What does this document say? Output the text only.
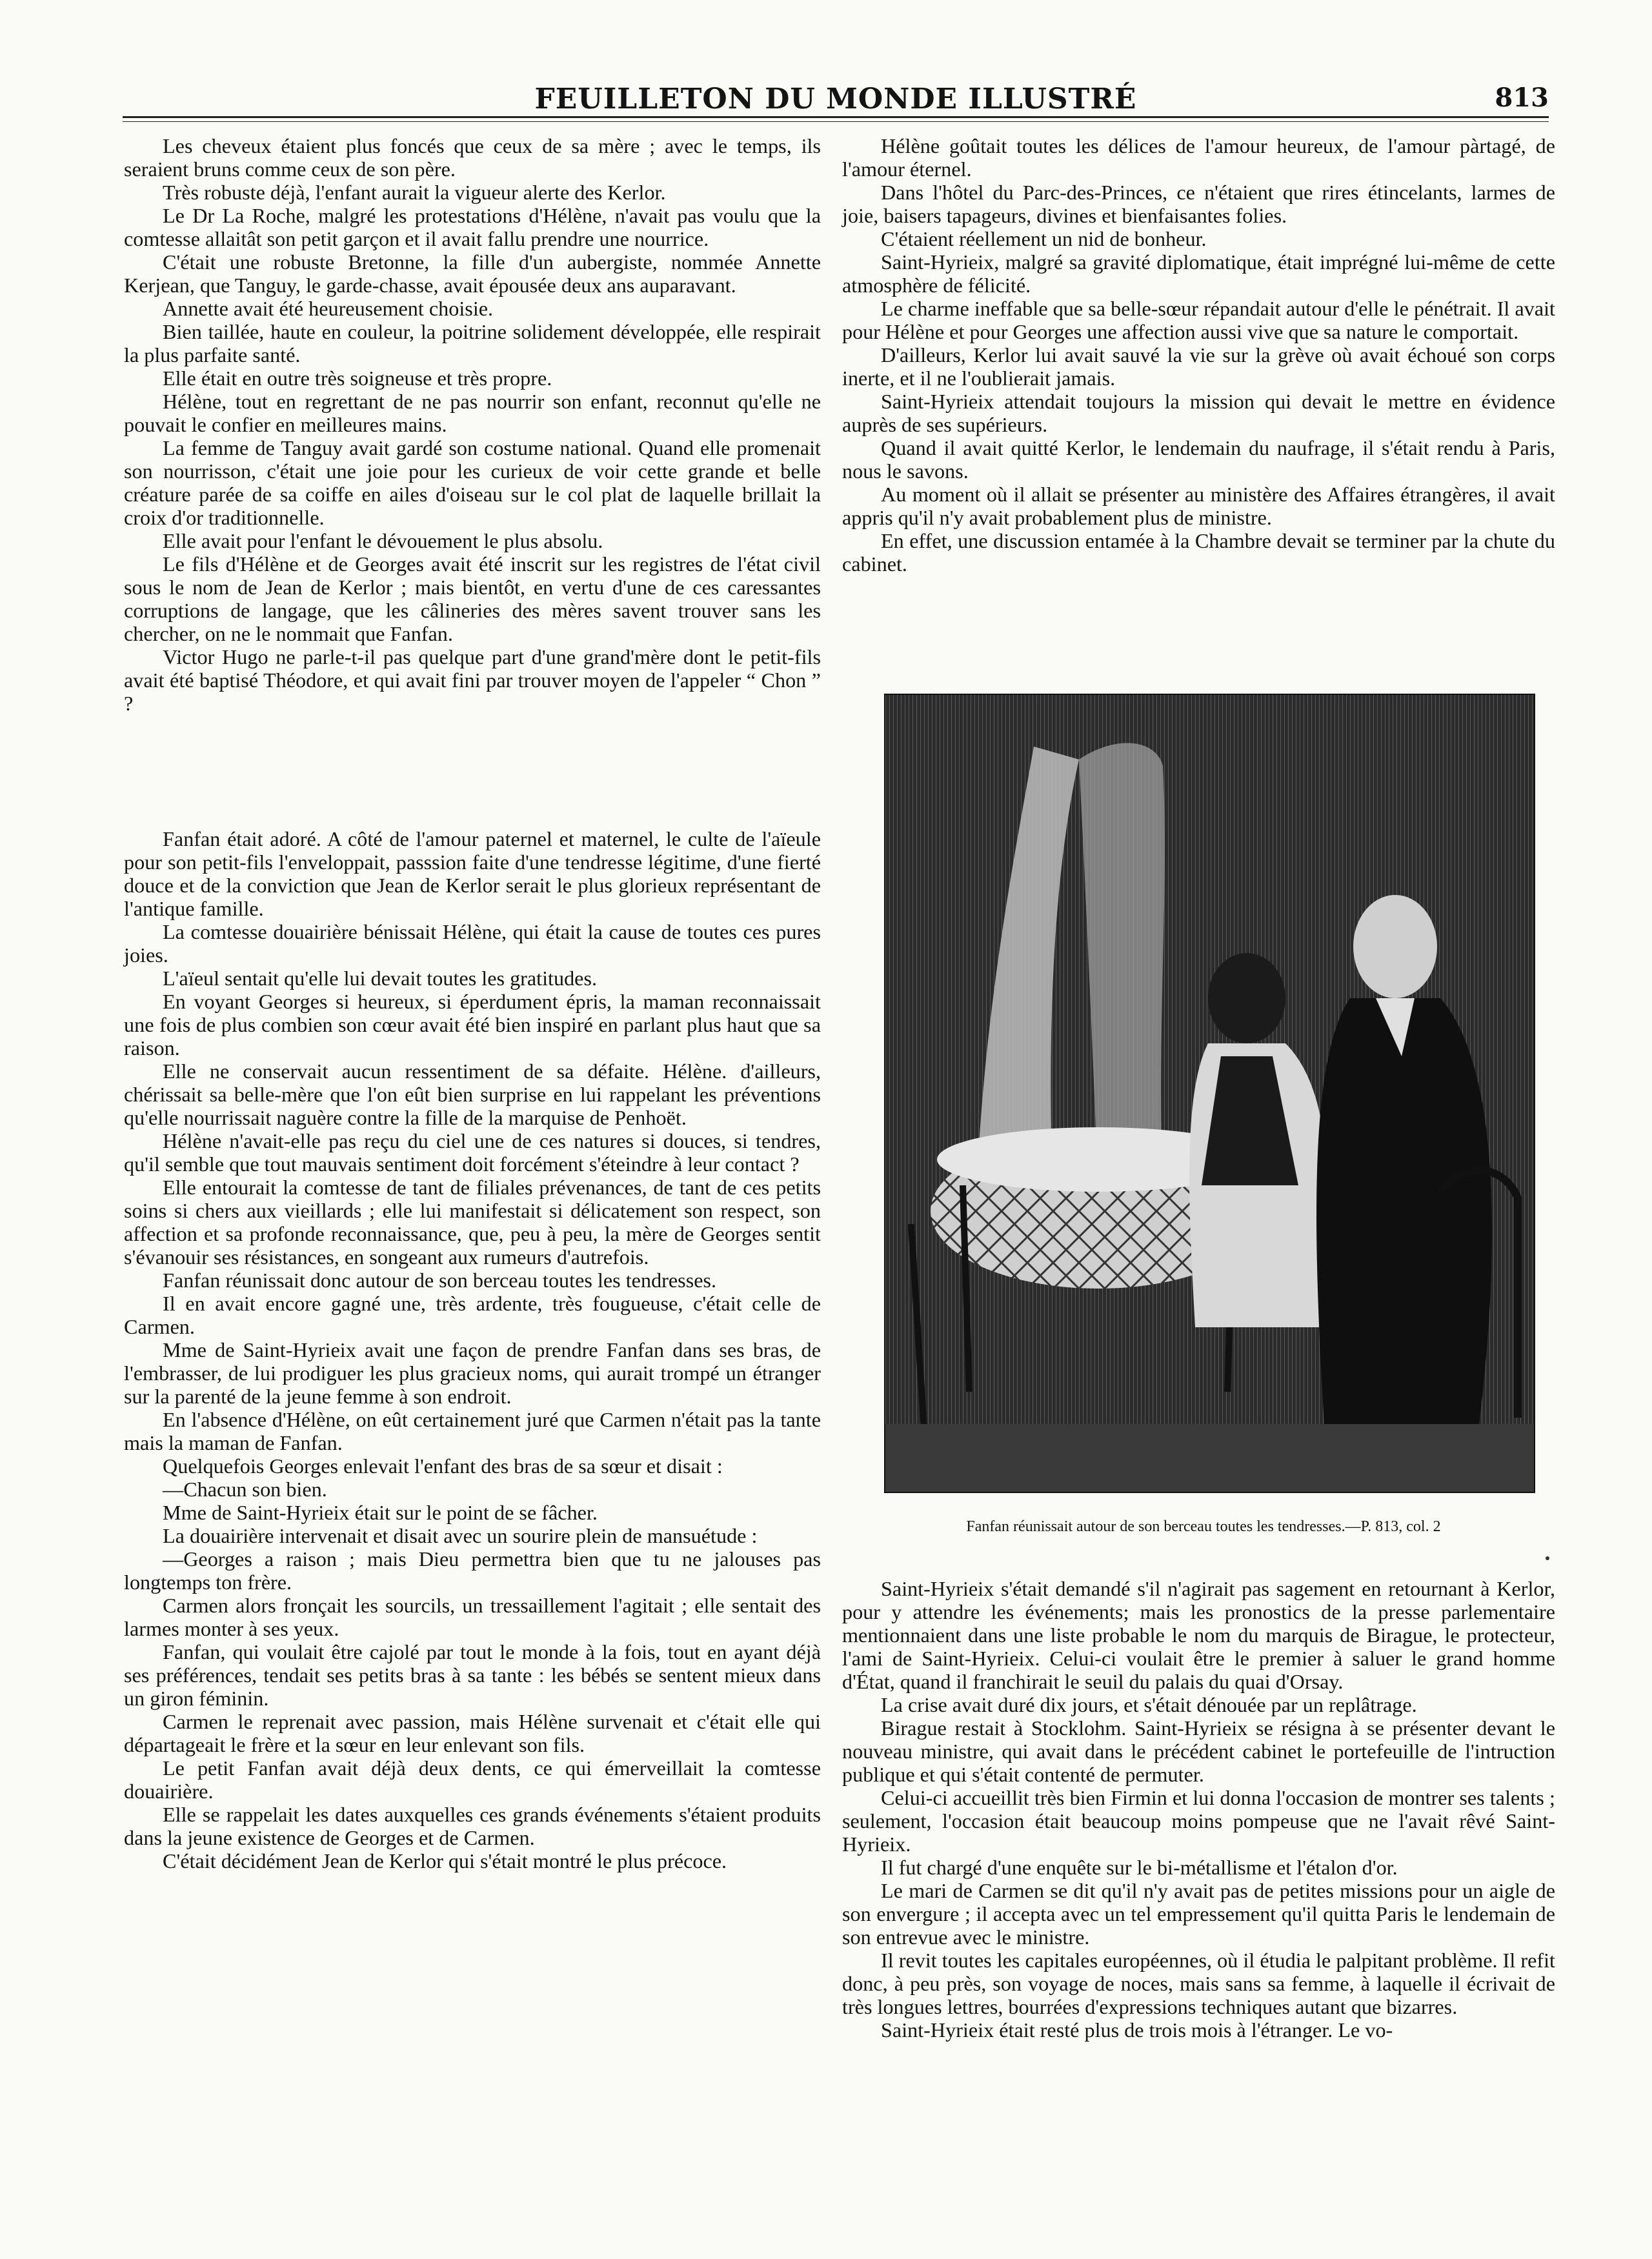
FEUILLETON DU MONDE ILLUSTRÉ	813

Les cheveux étaient plus foncés que ceux de sa mère ; avec le temps, ils seraient bruns comme ceux de son père.

Très robuste déjà, l'enfant aurait la vigueur alerte des Kerlor.

Le Dr La Roche, malgré les protestations d'Hélène, n'avait pas voulu que la comtesse allaitât son petit garçon et il avait fallu prendre une nourrice.

C'était une robuste Bretonne, la fille d'un aubergiste, nommée Annette Kerjean, que Tanguy, le garde-chasse, avait épousée deux ans auparavant.

Annette avait été heureusement choisie.

Bien taillée, haute en couleur, la poitrine solidement développée, elle respirait la plus parfaite santé.

Elle était en outre très soigneuse et très propre.

Hélène, tout en regrettant de ne pas nourrir son enfant, reconnut qu'elle ne pouvait le confier en meilleures mains.

La femme de Tanguy avait gardé son costume national. Quand elle promenait son nourrisson, c'était une joie pour les curieux de voir cette grande et belle créature parée de sa coiffe en ailes d'oiseau sur le col plat de laquelle brillait la croix d'or traditionnelle.

Elle avait pour l'enfant le dévouement le plus absolu.

Le fils d'Hélène et de Georges avait été inscrit sur les registres de l'état civil sous le nom de Jean de Kerlor ; mais bientôt, en vertu d'une de ces caressantes corruptions de langage, que les câlineries des mères savent trouver sans les chercher, on ne le nommait que Fanfan.

Victor Hugo ne parle-t-il pas quelque part d'une grand'mère dont le petit-fils avait été baptisé Théodore, et qui avait fini par trouver moyen de l'appeler “ Chon ” ?

Fanfan était adoré. A côté de l'amour paternel et maternel, le culte de l'aïeule pour son petit-fils l'enveloppait, passsion faite d'une tendresse légitime, d'une fierté douce et de la conviction que Jean de Kerlor serait le plus glorieux représentant de l'antique famille.

La comtesse douairière bénissait Hélène, qui était la cause de toutes ces pures joies.

L'aïeul sentait qu'elle lui devait toutes les gratitudes.

En voyant Georges si heureux, si éperdument épris, la maman reconnaissait une fois de plus combien son cœur avait été bien inspiré en parlant plus haut que sa raison.

Elle ne conservait aucun ressentiment de sa défaite. Hélène. d'ailleurs, chérissait sa belle-mère que l'on eût bien surprise en lui rappelant les préventions qu'elle nourrissait naguère contre la fille de la marquise de Penhoët.

Hélène n'avait-elle pas reçu du ciel une de ces natures si douces, si tendres, qu'il semble que tout mauvais sentiment doit forcément s'éteindre à leur contact ?

Elle entourait la comtesse de tant de filiales prévenances, de tant de ces petits soins si chers aux vieillards ; elle lui manifestait si délicatement son respect, son affection et sa profonde reconnaissance, que, peu à peu, la mère de Georges sentit s'évanouir ses résistances, en songeant aux rumeurs d'autrefois.

Fanfan réunissait donc autour de son berceau toutes les tendresses.

Il en avait encore gagné une, très ardente, très fougueuse, c'était celle de Carmen.

Mme de Saint-Hyrieix avait une façon de prendre Fanfan dans ses bras, de l'embrasser, de lui prodiguer les plus gracieux noms, qui aurait trompé un étranger sur la parenté de la jeune femme à son endroit.

En l'absence d'Hélène, on eût certainement juré que Carmen n'était pas la tante mais la maman de Fanfan.

Quelquefois Georges enlevait l'enfant des bras de sa sœur et disait :

—Chacun son bien.

Mme de Saint-Hyrieix était sur le point de se fâcher.

La douairière intervenait et disait avec un sourire plein de mansuétude :

—Georges a raison ; mais Dieu permettra bien que tu ne jalouses pas longtemps ton frère.

Carmen alors fronçait les sourcils, un tressaillement l'agitait ; elle sentait des larmes monter à ses yeux.

Fanfan, qui voulait être cajolé par tout le monde à la fois, tout en ayant déjà ses préférences, tendait ses petits bras à sa tante : les bébés se sentent mieux dans un giron féminin.

Carmen le reprenait avec passion, mais Hélène survenait et c'était elle qui départageait le frère et la sœur en leur enlevant son fils.

Le petit Fanfan avait déjà deux dents, ce qui émerveillait la comtesse douairière.

Elle se rappelait les dates auxquelles ces grands événements s'étaient produits dans la jeune existence de Georges et de Carmen.

C'était décidément Jean de Kerlor qui s'était montré le plus précoce.

Hélène goûtait toutes les délices de l'amour heureux, de l'amour pàrtagé, de l'amour éternel.

Dans l'hôtel du Parc-des-Princes, ce n'étaient que rires étincelants, larmes de joie, baisers tapageurs, divines et bienfaisantes folies.

C'étaient réellement un nid de bonheur.

Saint-Hyrieix, malgré sa gravité diplomatique, était imprégné lui-même de cette atmosphère de félicité.

Le charme ineffable que sa belle-sœur répandait autour d'elle le pénétrait. Il avait pour Hélène et pour Georges une affection aussi vive que sa nature le comportait.

D'ailleurs, Kerlor lui avait sauvé la vie sur la grève où avait échoué son corps inerte, et il ne l'oublierait jamais.

Saint-Hyrieix attendait toujours la mission qui devait le mettre en évidence auprès de ses supérieurs.

Quand il avait quitté Kerlor, le lendemain du naufrage, il s'était rendu à Paris, nous le savons.

Au moment où il allait se présenter au ministère des Affaires étrangères, il avait appris qu'il n'y avait probablement plus de ministre.

En effet, une discussion entamée à la Chambre devait se terminer par la chute du cabinet.

Fanfan réunissait autour de son berceau toutes les tendresses.—P. 813, col. 2

Saint-Hyrieix s'était demandé s'il n'agirait pas sagement en retournant à Kerlor, pour y attendre les événements; mais les pronostics de la presse parlementaire mentionnaient dans une liste probable le nom du marquis de Birague, le protecteur, l'ami de Saint-Hyrieix. Celui-ci voulait être le premier à saluer le grand homme d'État, quand il franchirait le seuil du palais du quai d'Orsay.

La crise avait duré dix jours, et s'était dénouée par un replâtrage.

Birague restait à Stocklohm. Saint-Hyrieix se résigna à se présenter devant le nouveau ministre, qui avait dans le précédent cabinet le portefeuille de l'intruction publique et qui s'était contenté de permuter.

Celui-ci accueillit très bien Firmin et lui donna l'occasion de montrer ses talents ; seulement, l'occasion était beaucoup moins pompeuse que ne l'avait rêvé Saint-Hyrieix.

Il fut chargé d'une enquête sur le bi-métallisme et l'étalon d'or.

Le mari de Carmen se dit qu'il n'y avait pas de petites missions pour un aigle de son envergure ; il accepta avec un tel empressement qu'il quitta Paris le lendemain de son entrevue avec le ministre.

Il revit toutes les capitales européennes, où il étudia le palpitant problème. Il refit donc, à peu près, son voyage de noces, mais sans sa femme, à laquelle il écrivait de très longues lettres, bourrées d'expressions techniques autant que bizarres.

Saint-Hyrieix était resté plus de trois mois à l'étranger. Le vo-
